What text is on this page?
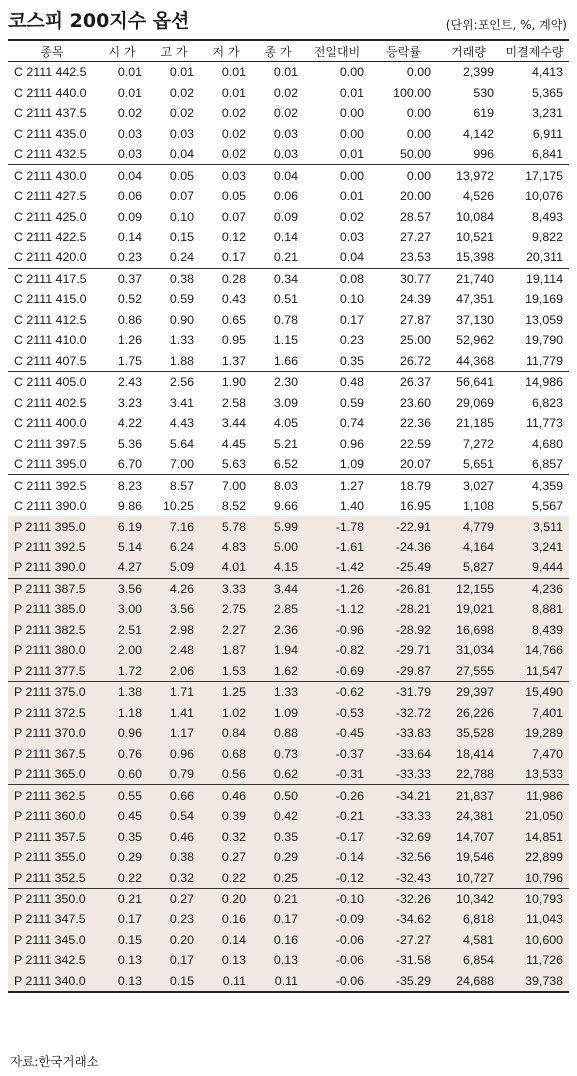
코스피 200지수 옵션	(단위:포인트, %, 계약)
종목	시 가	고 가	저 가	종 가	전일대비	등락률	거래량	미결제수량
C 2111 442.5	0.01	0.01	0.01	0.01	0.00	0.00	2,399	4,413
C 2111 440.0	0.01	0.02	0.01	0.02	0.01	100.00	530	5,365
C 2111 437.5	0.02	0.02	0.02	0.02	0.00	0.00	619	3,231
C 2111 435.0	0.03	0.03	0.02	0.03	0.00	0.00	4,142	6,911
C 2111 432.5	0.03	0.04	0.02	0.03	0.01	50.00	996	6,841
C 2111 430.0	0.04	0.05	0.03	0.04	0.00	0.00	13,972	17,175
C 2111 427.5	0.06	0.07	0.05	0.06	0.01	20.00	4,526	10,076
C 2111 425.0	0.09	0.10	0.07	0.09	0.02	28.57	10,084	8,493
C 2111 422.5	0.14	0.15	0.12	0.14	0.03	27.27	10,521	9,822
C 2111 420.0	0.23	0.24	0.17	0.21	0.04	23.53	15,398	20,311
C 2111 417.5	0.37	0.38	0.28	0.34	0.08	30.77	21,740	19,114
C 2111 415.0	0.52	0.59	0.43	0.51	0.10	24.39	47,351	19,169
C 2111 412.5	0.86	0.90	0.65	0.78	0.17	27.87	37,130	13,059
C 2111 410.0	1.26	1.33	0.95	1.15	0.23	25.00	52,962	19,790
C 2111 407.5	1.75	1.88	1.37	1.66	0.35	26.72	44,368	11,779
C 2111 405.0	2.43	2.56	1.90	2.30	0.48	26.37	56,641	14,986
C 2111 402.5	3.23	3.41	2.58	3.09	0.59	23.60	29,069	6,823
C 2111 400.0	4.22	4.43	3.44	4.05	0.74	22.36	21,185	11,773
C 2111 397.5	5.36	5.64	4.45	5.21	0.96	22.59	7,272	4,680
C 2111 395.0	6.70	7.00	5.63	6.52	1.09	20.07	5,651	6,857
C 2111 392.5	8.23	8.57	7.00	8.03	1.27	18.79	3,027	4,359
C 2111 390.0	9.86	10.25	8.52	9.66	1.40	16.95	1,108	5,567
P 2111 395.0	6.19	7.16	5.78	5.99	-1.78	-22.91	4,779	3,511
P 2111 392.5	5.14	6.24	4.83	5.00	-1.61	-24.36	4,164	3,241
P 2111 390.0	4.27	5.09	4.01	4.15	-1.42	-25.49	5,827	9,444
P 2111 387.5	3.56	4.26	3.33	3.44	-1.26	-26.81	12,155	4,236
P 2111 385.0	3.00	3.56	2.75	2.85	-1.12	-28.21	19,021	8,881
P 2111 382.5	2.51	2.98	2.27	2.36	-0.96	-28.92	16,698	8,439
P 2111 380.0	2.00	2.48	1.87	1.94	-0.82	-29.71	31,034	14,766
P 2111 377.5	1.72	2.06	1.53	1.62	-0.69	-29.87	27,555	11,547
P 2111 375.0	1.38	1.71	1.25	1.33	-0.62	-31.79	29,397	15,490
P 2111 372.5	1.18	1.41	1.02	1.09	-0.53	-32.72	26,226	7,401
P 2111 370.0	0.96	1.17	0.84	0.88	-0.45	-33.83	35,528	19,289
P 2111 367.5	0.76	0.96	0.68	0.73	-0.37	-33.64	18,414	7,470
P 2111 365.0	0.60	0.79	0.56	0.62	-0.31	-33.33	22,788	13,533
P 2111 362.5	0.55	0.66	0.46	0.50	-0.26	-34.21	21,837	11,986
P 2111 360.0	0.45	0.54	0.39	0.42	-0.21	-33.33	24,381	21,050
P 2111 357.5	0.35	0.46	0.32	0.35	-0.17	-32.69	14,707	14,851
P 2111 355.0	0.29	0.38	0.27	0.29	-0.14	-32.56	19,546	22,899
P 2111 352.5	0.22	0.32	0.22	0.25	-0.12	-32.43	10,727	10,796
P 2111 350.0	0.21	0.27	0.20	0.21	-0.10	-32.26	10,342	10,793
P 2111 347.5	0.17	0.23	0.16	0.17	-0.09	-34.62	6,818	11,043
P 2111 345.0	0.15	0.20	0.14	0.16	-0.06	-27.27	4,581	10,600
P 2111 342.5	0.13	0.17	0.13	0.13	-0.06	-31.58	6,854	11,726
P 2111 340.0	0.13	0.15	0.11	0.11	-0.06	-35.29	24,688	39,738
자료:한국거래소
